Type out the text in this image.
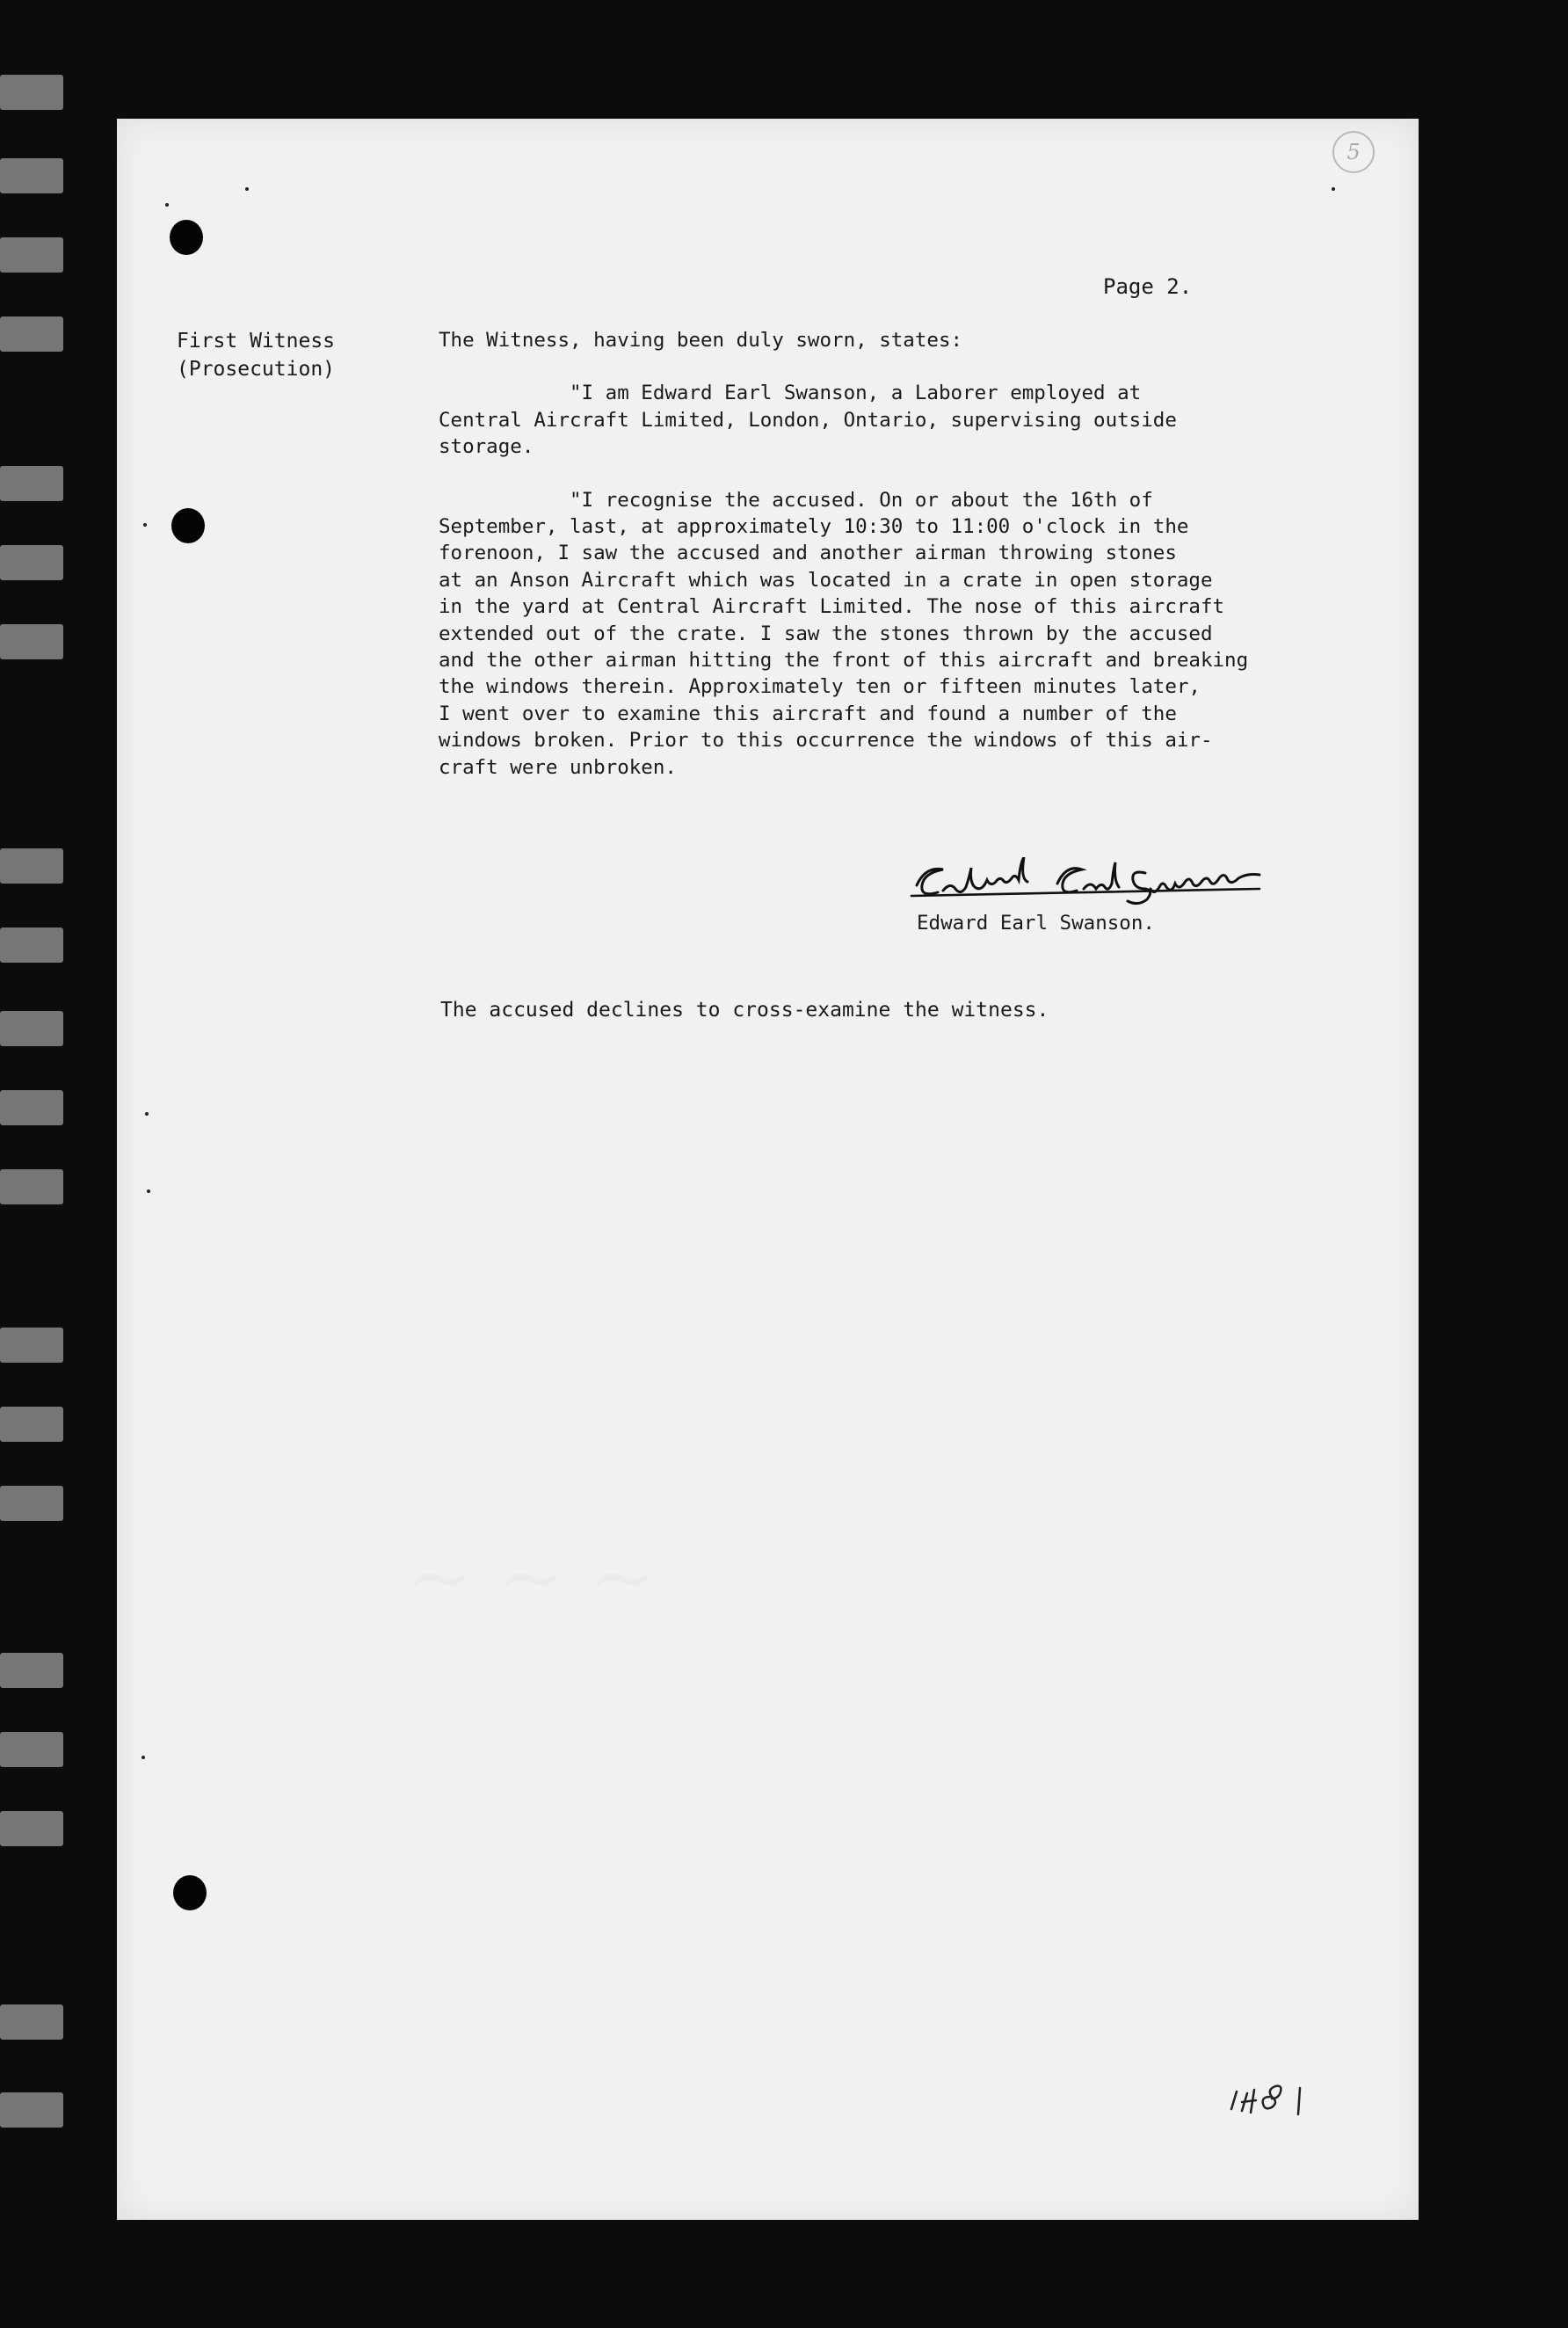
5
Page 2.
First Witness
(Prosecution)

The Witness, having been duly sworn, states:

"I am Edward Earl Swanson, a Laborer employed at

Central Aircraft Limited, London, Ontario, supervising outside

storage.

"I recognise the accused. On or about the 16th of

September, last, at approximately 10:30 to 11:00 o'clock in the

forenoon, I saw the accused and another airman throwing stones

at an Anson Aircraft which was located in a crate in open storage

in the yard at Central Aircraft Limited. The nose of this aircraft

extended out of the crate. I saw the stones thrown by the accused

and the other airman hitting the front of this aircraft and breaking

the windows therein. Approximately ten or fifteen minutes later,

I went over to examine this aircraft and found a number of the

windows broken. Prior to this occurrence the windows of this air-

craft were unbroken.

Edward Earl Swanson.
The accused declines to cross-examine the witness.
